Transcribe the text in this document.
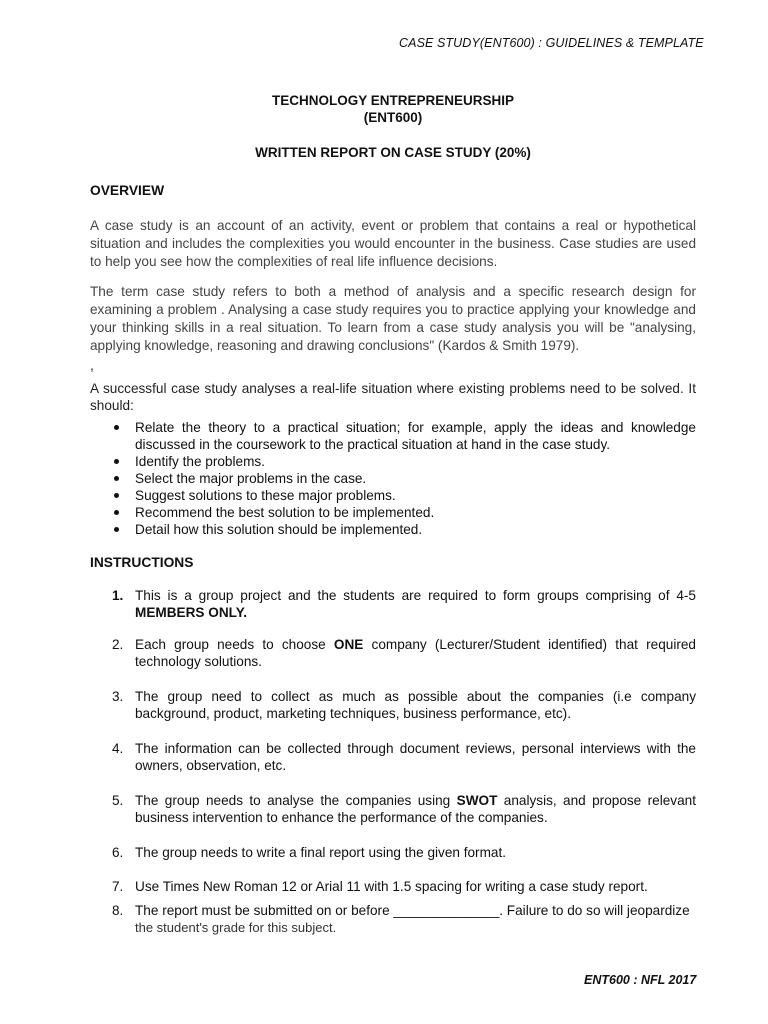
CASE STUDY(ENT600) : GUIDELINES & TEMPLATE
TECHNOLOGY ENTREPRENEURSHIP
(ENT600)
WRITTEN REPORT ON CASE STUDY (20%)
OVERVIEW
A case study is an account of an activity, event or problem that contains a real or hypothetical situation and includes the complexities you would encounter in the business. Case studies are used to help you see how the complexities of real life influence decisions.
The term case study refers to both a method of analysis and a specific research design for examining a problem . Analysing a case study requires you to practice applying your knowledge and your thinking skills in a real situation. To learn from a case study analysis you will be "analysing, applying knowledge, reasoning and drawing conclusions" (Kardos & Smith 1979).
,
A successful case study analyses a real-life situation where existing problems need to be solved. It should:
Relate the theory to a practical situation; for example, apply the ideas and knowledge discussed in the coursework to the practical situation at hand in the case study.
Identify the problems.
Select the major problems in the case.
Suggest solutions to these major problems.
Recommend the best solution to be implemented.
Detail how this solution should be implemented.
INSTRUCTIONS
1. This is a group project and the students are required to form groups comprising of 4-5 MEMBERS ONLY.
2. Each group needs to choose ONE company (Lecturer/Student identified) that required technology solutions.
3. The group need to collect as much as possible about the companies (i.e company background, product, marketing techniques, business performance, etc).
4. The information can be collected through document reviews, personal interviews with the owners, observation, etc.
5. The group needs to analyse the companies using SWOT analysis, and propose relevant business intervention to enhance the performance of the companies.
6. The group needs to write a final report using the given format.
7. Use Times New Roman 12 or Arial 11 with 1.5 spacing for writing a case study report.
8. The report must be submitted on or before ______________. Failure to do so will jeopardize
the student's grade for this subject.
ENT600 : NFL 2017
